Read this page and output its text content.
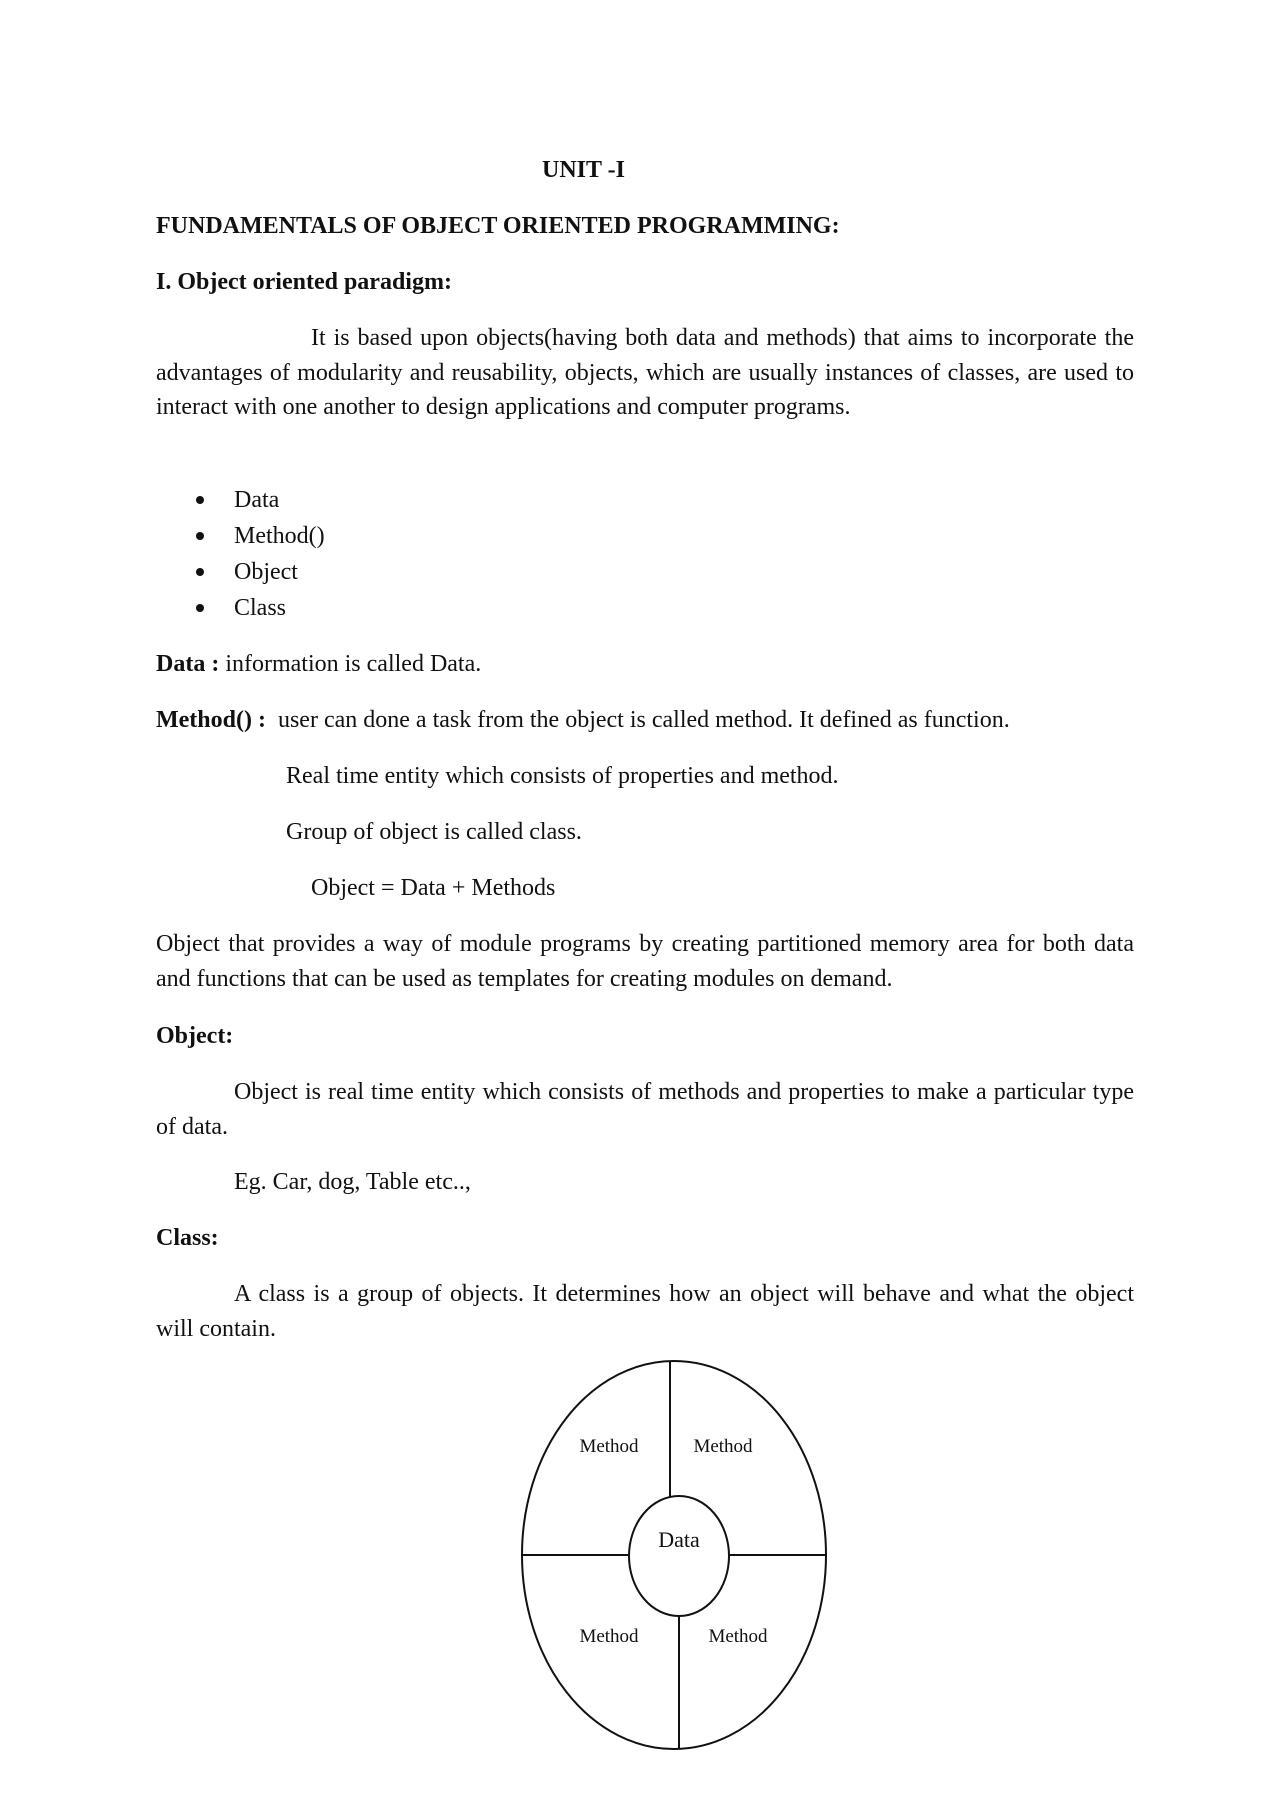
UNIT -I
FUNDAMENTALS OF OBJECT ORIENTED PROGRAMMING:
I. Object oriented paradigm:
It is based upon objects(having both data and methods) that aims to incorporate the advantages of modularity and reusability, objects, which are usually instances of classes, are used to interact with one another to design applications and computer programs.
Data
Method()
Object
Class
Data : information is called Data.
Method() : user can done a task from the object is called method. It defined as function.
Real time entity which consists of properties and method.
Group of object is called class.
Object = Data + Methods
Object that provides a way of module programs by creating partitioned memory area for both data and functions that can be used as templates for creating modules on demand.
Object:
Object is real time entity which consists of methods and properties to make a particular type of data.
Eg. Car, dog, Table etc..,
Class:
A class is a group of objects. It determines how an object will behave and what the object will contain.
Data
Method	Method
Method	Method
